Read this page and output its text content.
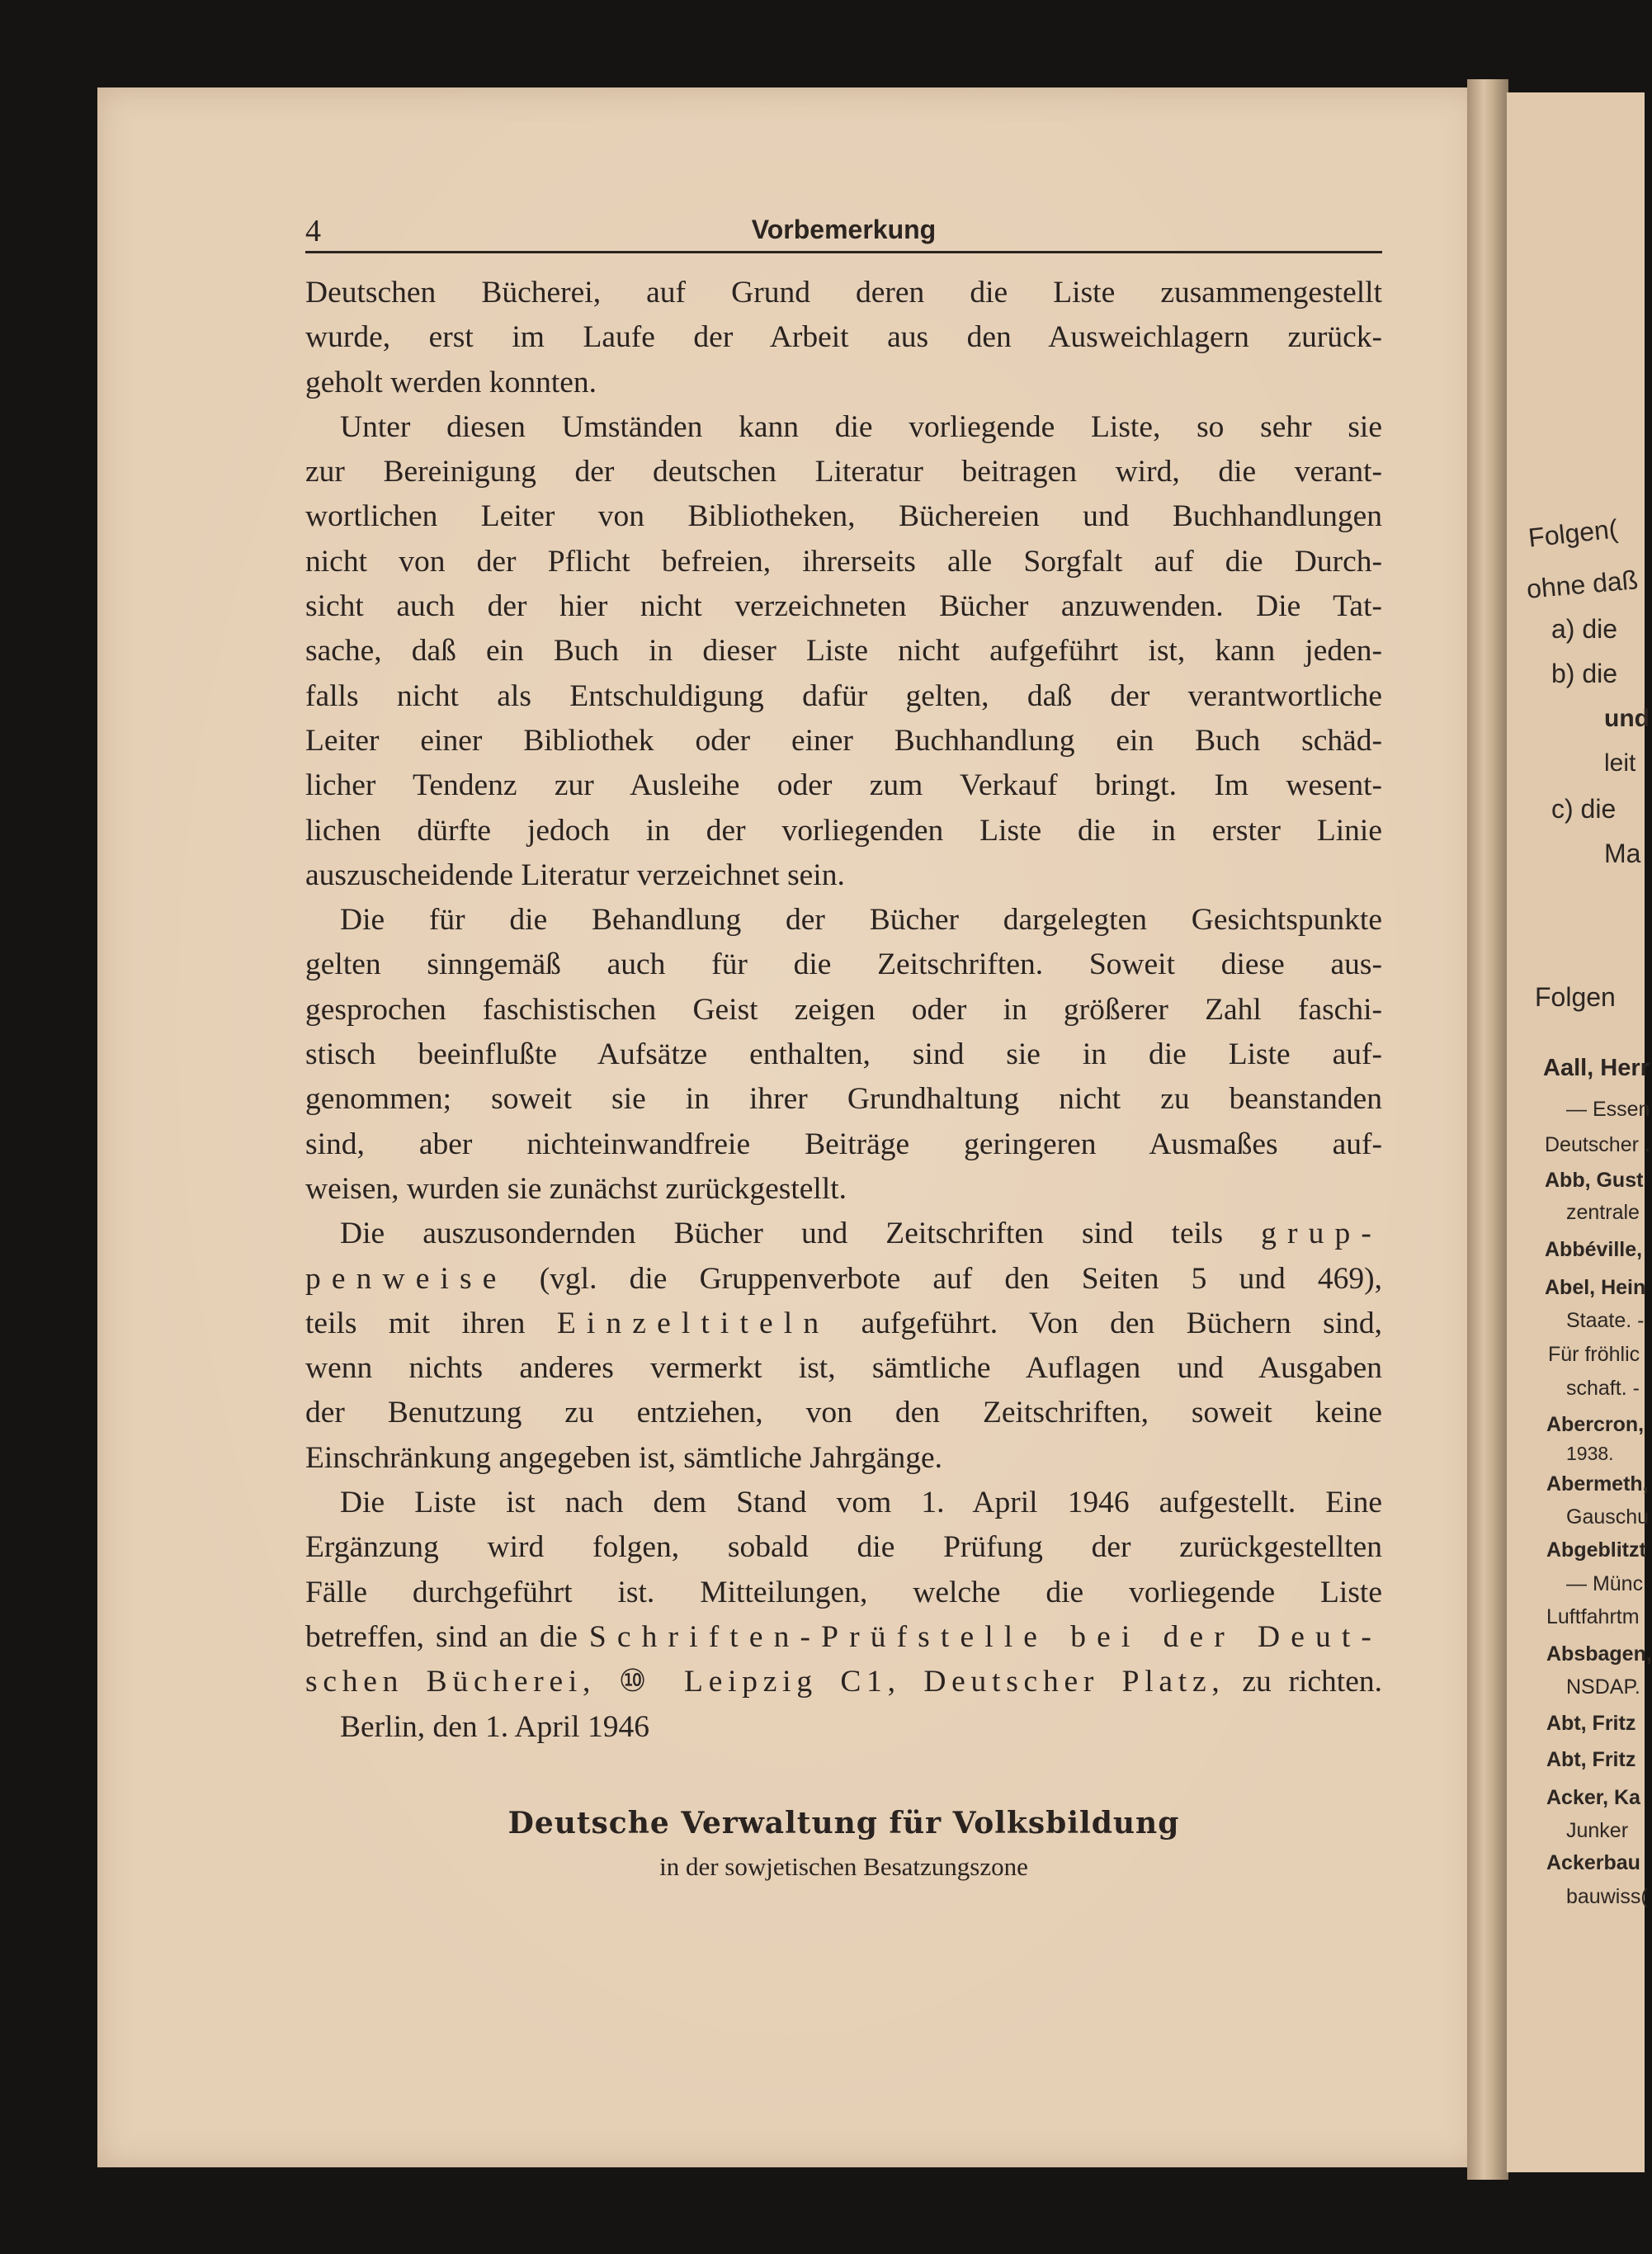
4	Vorbemerkung
Deutschen Bücherei, auf Grund deren die Liste zusammengestellt
wurde, erst im Laufe der Arbeit aus den Ausweichlagern zurück-
geholt werden konnten.
Unter diesen Umständen kann die vorliegende Liste, so sehr sie
zur Bereinigung der deutschen Literatur beitragen wird, die verant-
wortlichen Leiter von Bibliotheken, Büchereien und Buchhandlungen
nicht von der Pflicht befreien, ihrerseits alle Sorgfalt auf die Durch-
sicht auch der hier nicht verzeichneten Bücher anzuwenden. Die Tat-
sache, daß ein Buch in dieser Liste nicht aufgeführt ist, kann jeden-
falls nicht als Entschuldigung dafür gelten, daß der verantwortliche
Leiter einer Bibliothek oder einer Buchhandlung ein Buch schäd-
licher Tendenz zur Ausleihe oder zum Verkauf bringt. Im wesent-
lichen dürfte jedoch in der vorliegenden Liste die in erster Linie
auszuscheidende Literatur verzeichnet sein.
Die für die Behandlung der Bücher dargelegten Gesichtspunkte
gelten sinngemäß auch für die Zeitschriften. Soweit diese aus-
gesprochen faschistischen Geist zeigen oder in größerer Zahl faschi-
stisch beeinflußte Aufsätze enthalten, sind sie in die Liste auf-
genommen; soweit sie in ihrer Grundhaltung nicht zu beanstanden
sind, aber nichteinwandfreie Beiträge geringeren Ausmaßes auf-
weisen, wurden sie zunächst zurückgestellt.
Die auszusondernden Bücher und Zeitschriften sind teils grup-
penweise (vgl. die Gruppenverbote auf den Seiten 5 und 469),
teils mit ihren Einzeltiteln aufgeführt. Von den Büchern sind,
wenn nichts anderes vermerkt ist, sämtliche Auflagen und Ausgaben
der Benutzung zu entziehen, von den Zeitschriften, soweit keine
Einschränkung angegeben ist, sämtliche Jahrgänge.
Die Liste ist nach dem Stand vom 1. April 1946 aufgestellt. Eine
Ergänzung wird folgen, sobald die Prüfung der zurückgestellten
Fälle durchgeführt ist. Mitteilungen, welche die vorliegende Liste
betreffen, sind an die Schriften-Prüfstelle bei der Deut-
schen Bücherei, ⑩ Leipzig C1, Deutscher Platz, zu richten.
Berlin, den 1. April 1946
Deutsche Verwaltung für Volksbildung
in der sowjetischen Besatzungszone
Folgen(
ohne daß
a) die
b) die
und
leit
c) die
Ma
Folgen
Aall, Herr
— Essen
Deutscher .
Abb, Gust
zentrale
Abbéville,
Abel, Hein
Staate. -
Für fröhlic
schaft. -
Abercron,
1938.
Abermeth,
Gauschu
Abgeblitzt
— Münc
Luftfahrtm
Absbagen,
NSDAP.
Abt, Fritz
Abt, Fritz
Acker, Ka
Junker
Ackerbau
bauwiss(
